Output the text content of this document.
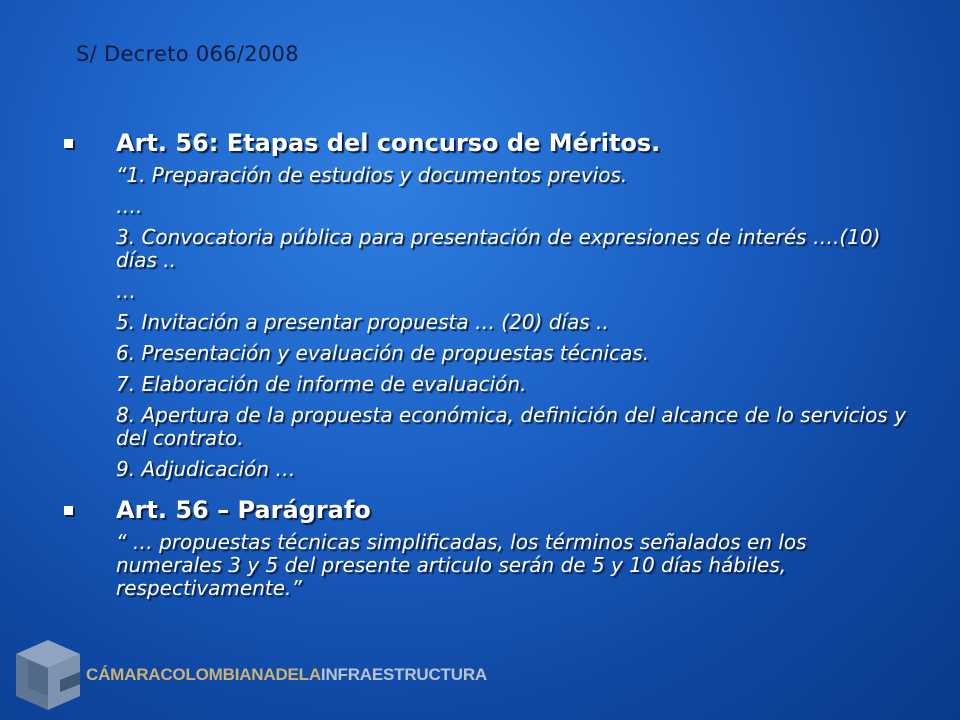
S/ Decreto 066/2008
Art. 56: Etapas del concurso de Méritos.
“1. Preparación de estudios y documentos previos.
….
3. Convocatoria pública para presentación de expresiones de interés ….(10) días ..
…
5. Invitación a presentar propuesta … (20) días ..
6. Presentación y evaluación de propuestas técnicas.
7. Elaboración de informe de evaluación.
8. Apertura de la propuesta económica, definición del alcance de lo servicios y del contrato.
9. Adjudicación …
Art. 56 – Parágrafo
“ … propuestas técnicas simplificadas, los términos señalados en los numerales 3 y 5 del presente articulo serán de 5 y 10 días hábiles, respectivamente.”
CÁMARACOLOMBIANADELAINFRAESTRUCTURA
